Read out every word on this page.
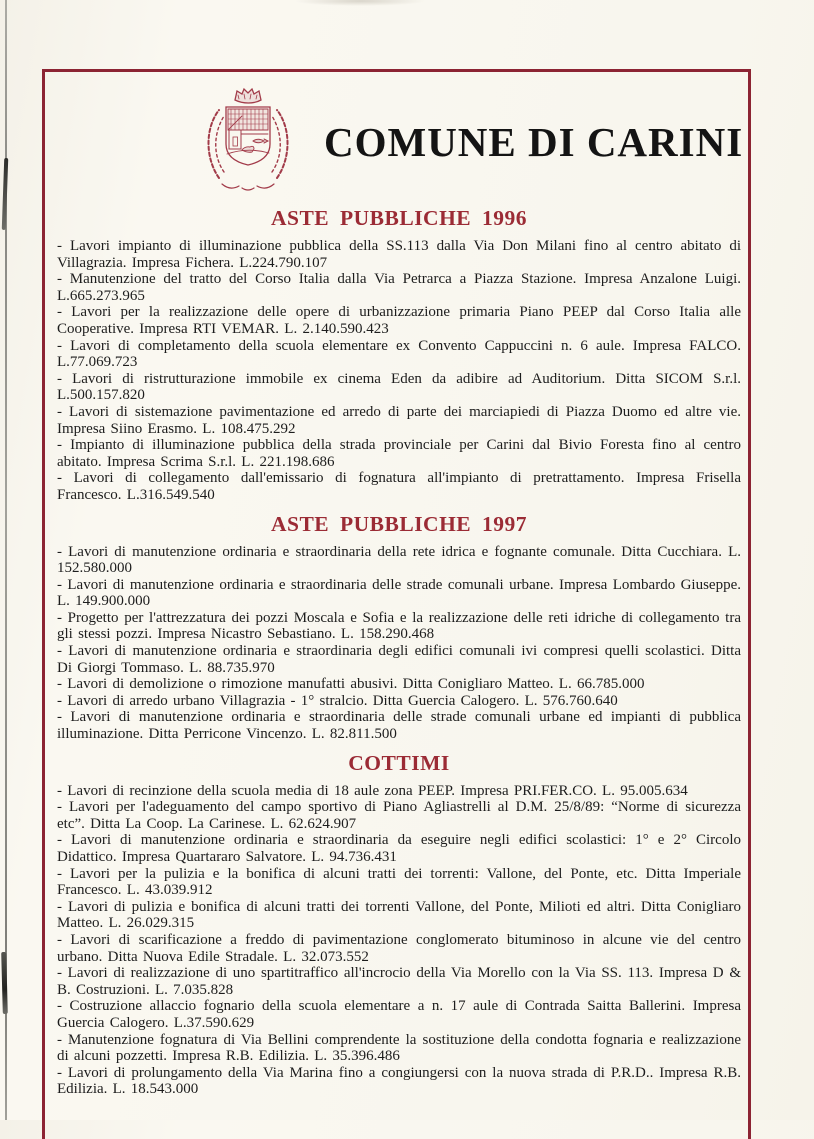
COMUNE DI CARINI
ASTE PUBBLICHE 1996

- Lavori impianto di illuminazione pubblica della SS.113 dalla Via Don Milani fino al centro abitato di Villagrazia. Impresa Fichera. L.224.790.107

- Manutenzione del tratto del Corso Italia dalla Via Petrarca a Piazza Stazione. Impresa Anzalone Luigi. L.665.273.965

- Lavori per la realizzazione delle opere di urbanizzazione primaria Piano PEEP dal Corso Italia alle Cooperative. Impresa RTI VEMAR. L. 2.140.590.423

- Lavori di completamento della scuola elementare ex Convento Cappuccini n. 6 aule. Impresa FALCO. L.77.069.723

- Lavori di ristrutturazione immobile ex cinema Eden da adibire ad Auditorium. Ditta SICOM S.r.l. L.500.157.820

- Lavori di sistemazione pavimentazione ed arredo di parte dei marciapiedi di Piazza Duomo ed altre vie. Impresa Siino Erasmo. L. 108.475.292

- Impianto di illuminazione pubblica della strada provinciale per Carini dal Bivio Foresta fino al centro abitato. Impresa Scrima S.r.l. L. 221.198.686

- Lavori di collegamento dall'emissario di fognatura all'impianto di pretrattamento. Impresa Frisella Francesco. L.316.549.540

ASTE PUBBLICHE 1997

- Lavori di manutenzione ordinaria e straordinaria della rete idrica e fognante comunale. Ditta Cucchiara. L. 152.580.000

- Lavori di manutenzione ordinaria e straordinaria delle strade comunali urbane. Impresa Lombardo Giuseppe. L. 149.900.000

- Progetto per l'attrezzatura dei pozzi Moscala e Sofia e la realizzazione delle reti idriche di collegamento tra gli stessi pozzi. Impresa Nicastro Sebastiano. L. 158.290.468

- Lavori di manutenzione ordinaria e straordinaria degli edifici comunali ivi compresi quelli scolastici. Ditta Di Giorgi Tommaso. L. 88.735.970

- Lavori di demolizione o rimozione manufatti abusivi. Ditta Conigliaro Matteo. L. 66.785.000

- Lavori di arredo urbano Villagrazia - 1° stralcio. Ditta Guercia Calogero. L. 576.760.640

- Lavori di manutenzione ordinaria e straordinaria delle strade comunali urbane ed impianti di pubblica illuminazione. Ditta Perricone Vincenzo. L. 82.811.500

COTTIMI

- Lavori di recinzione della scuola media di 18 aule zona PEEP. Impresa PRI.FER.CO. L. 95.005.634

- Lavori per l'adeguamento del campo sportivo di Piano Agliastrelli al D.M. 25/8/89: “Norme di sicurezza etc”. Ditta La Coop. La Carinese. L. 62.624.907

- Lavori di manutenzione ordinaria e straordinaria da eseguire negli edifici scolastici: 1° e 2° Circolo Didattico. Impresa Quartararo Salvatore. L. 94.736.431

- Lavori per la pulizia e la bonifica di alcuni tratti dei torrenti: Vallone, del Ponte, etc. Ditta Imperiale Francesco. L. 43.039.912

- Lavori di pulizia e bonifica di alcuni tratti dei torrenti Vallone, del Ponte, Milioti ed altri. Ditta Conigliaro Matteo. L. 26.029.315

- Lavori di scarificazione a freddo di pavimentazione conglomerato bituminoso in alcune vie del centro urbano. Ditta Nuova Edile Stradale. L. 32.073.552

- Lavori di realizzazione di uno spartitraffico all'incrocio della Via Morello con la Via SS. 113. Impresa D & B. Costruzioni. L. 7.035.828

- Costruzione allaccio fognario della scuola elementare a n. 17 aule di Contrada Saitta Ballerini. Impresa Guercia Calogero. L.37.590.629

- Manutenzione fognatura di Via Bellini comprendente la sostituzione della condotta fognaria e realizzazione di alcuni pozzetti. Impresa R.B. Edilizia. L. 35.396.486

- Lavori di prolungamento della Via Marina fino a congiungersi con la nuova strada di P.R.D.. Impresa R.B. Edilizia. L. 18.543.000
